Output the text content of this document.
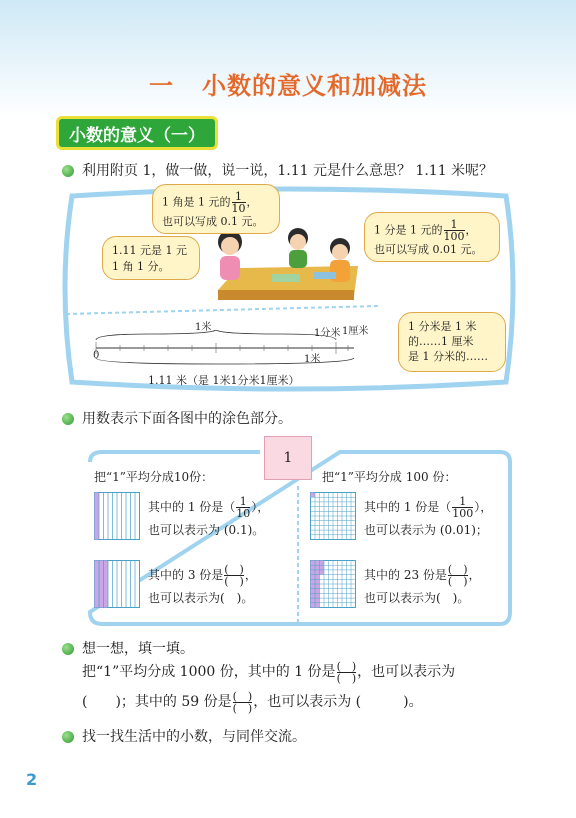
一 小数的意义和加减法
小数的意义（一）
利用附页 1，做一做，说一说，1.11 元是什么意思？ 1.11 米呢？
1 角是 1 元的 $\frac{1}{10}$ ，
也可以写成 0.1 元。
1.11 元是 1 元
1 角 1 分。
1 分是 1 元的 $\frac{1}{100}$ ，
也可以写成 0.01 元。
1 分米是 1 米
的……1 厘米
是 1 分米的……
1米
1分米 1厘米
0	1米
1.11 米（是 1米1分米1厘米）
用数表示下面各图中的涂色部分。
1
把“1”平均分成10份：	把“1”平均分成 100 份：
其中的 1 份是（ $\frac{1}{10}$ ），
也可以表示为 (0.1)。
其中的 3 份是 $\frac{( )}{( )}$ ，
也可以表示为(　)。
其中的 1 份是（ $\frac{1}{100}$ ），
也可以表示为 (0.01)；
其中的 23 份是 $\frac{( )}{( )}$ ，
也可以表示为(　)。
想一想，填一填。
把“1”平均分成 1000 份，其中的 1 份是 $\frac{( )}{( )}$ ，也可以表示为
(　　)；其中的 59 份是 $\frac{( )}{( )}$ ，也可以表示为 (　　　)。
找一找生活中的小数，与同伴交流。
2
